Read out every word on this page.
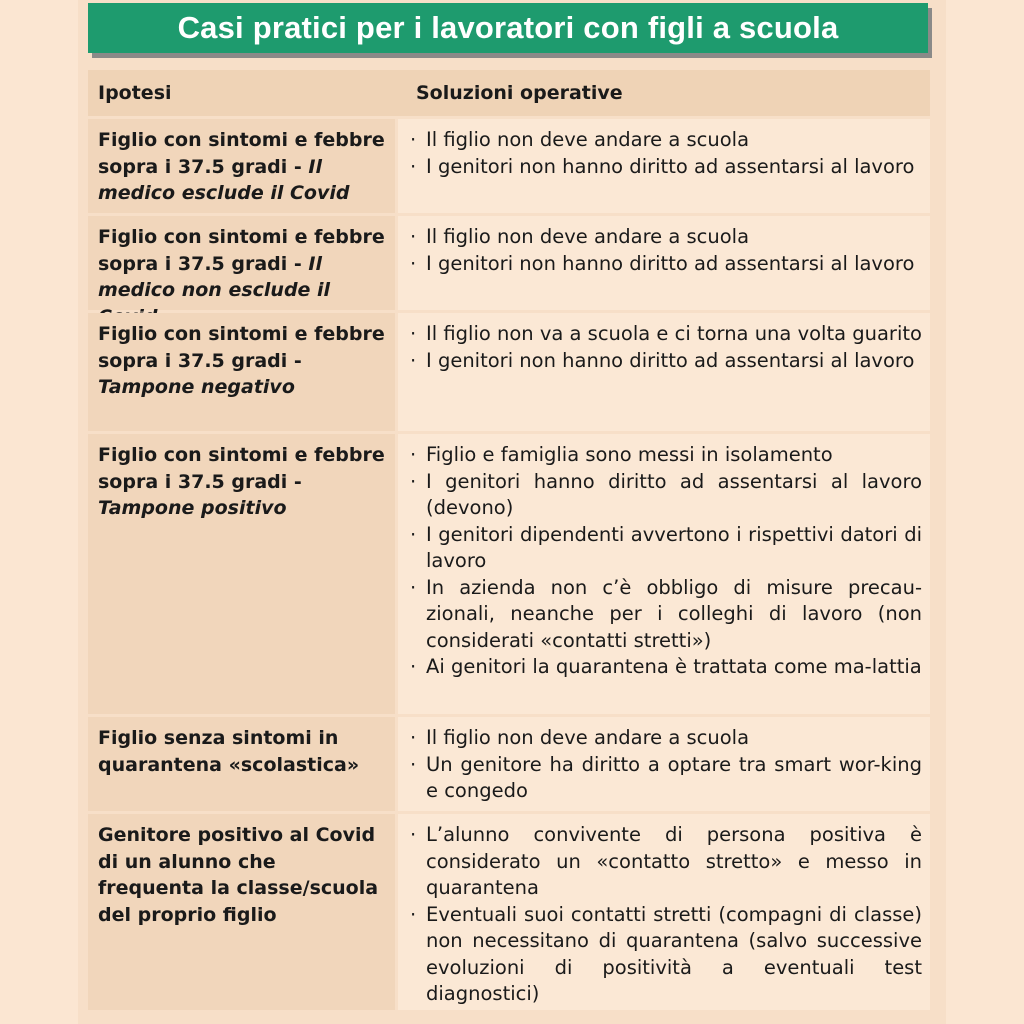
Casi pratici per i lavoratori con figli a scuola
Ipotesi	Soluzioni operative
Figlio con sintomi e febbre sopra i 37.5 gradi - Il medico esclude il Covid
· Il figlio non deve andare a scuola
· I genitori non hanno diritto ad assentarsi al lavoro
Figlio con sintomi e febbre sopra i 37.5 gradi - Il medico non esclude il
· Il figlio non deve andare a scuola
· I genitori non hanno diritto ad assentarsi al lavoro
Figlio con sintomi e febbre sopra i 37.5 gradi - Tampone negativo
· Il figlio non va a scuola e ci torna una volta guarito
· I genitori non hanno diritto ad assentarsi al lavoro
Figlio con sintomi e febbre sopra i 37.5 gradi - Tampone positivo
· Figlio e famiglia sono messi in isolamento
· I genitori hanno diritto ad assentarsi al lavoro (devono)
· I genitori dipendenti avvertono i rispettivi datori di lavoro
· In azienda non c’è obbligo di misure precau-zionali, neanche per i colleghi di lavoro (non considerati «contatti stretti»)
· Ai genitori la quarantena è trattata come ma-lattia
Figlio senza sintomi in quarantena «scolastica»
· Il figlio non deve andare a scuola
· Un genitore ha diritto a optare tra smart wor-king e congedo
Genitore positivo al Covid di un alunno che frequenta la classe/scuola del proprio figlio
· L’alunno convivente di persona positiva è considerato un «contatto stretto» e messo in quarantena
· Eventuali suoi contatti stretti (compagni di classe) non necessitano di quarantena (salvo successive evoluzioni di positività a eventuali test diagnostici)
